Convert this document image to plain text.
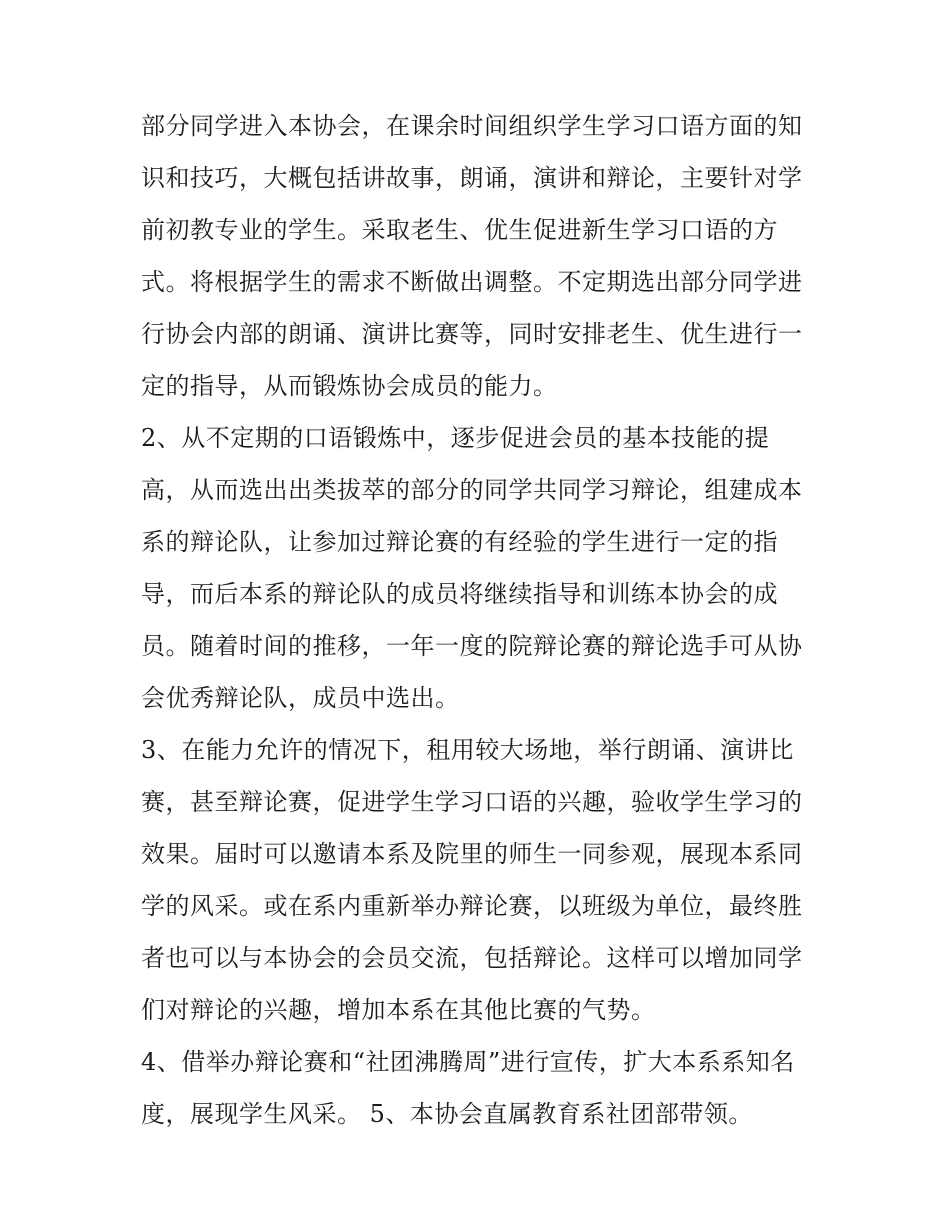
部分同学进入本协会，在课余时间组织学生学习口语方面的知
识和技巧，大概包括讲故事，朗诵，演讲和辩论，主要针对学
前初教专业的学生。采取老生、优生促进新生学习口语的方
式。将根据学生的需求不断做出调整。不定期选出部分同学进
行协会内部的朗诵、演讲比赛等，同时安排老生、优生进行一
定的指导，从而锻炼协会成员的能力。
2、从不定期的口语锻炼中，逐步促进会员的基本技能的提
高，从而选出出类拔萃的部分的同学共同学习辩论，组建成本
系的辩论队，让参加过辩论赛的有经验的学生进行一定的指
导，而后本系的辩论队的成员将继续指导和训练本协会的成
员。随着时间的推移，一年一度的院辩论赛的辩论选手可从协
会优秀辩论队，成员中选出。
3、在能力允许的情况下，租用较大场地，举行朗诵、演讲比
赛，甚至辩论赛，促进学生学习口语的兴趣，验收学生学习的
效果。届时可以邀请本系及院里的师生一同参观，展现本系同
学的风采。或在系内重新举办辩论赛，以班级为单位，最终胜
者也可以与本协会的会员交流，包括辩论。这样可以增加同学
们对辩论的兴趣，增加本系在其他比赛的气势。
4、借举办辩论赛和“社团沸腾周”进行宣传，扩大本系系知名
度，展现学生风采。 5、本协会直属教育系社团部带领。
